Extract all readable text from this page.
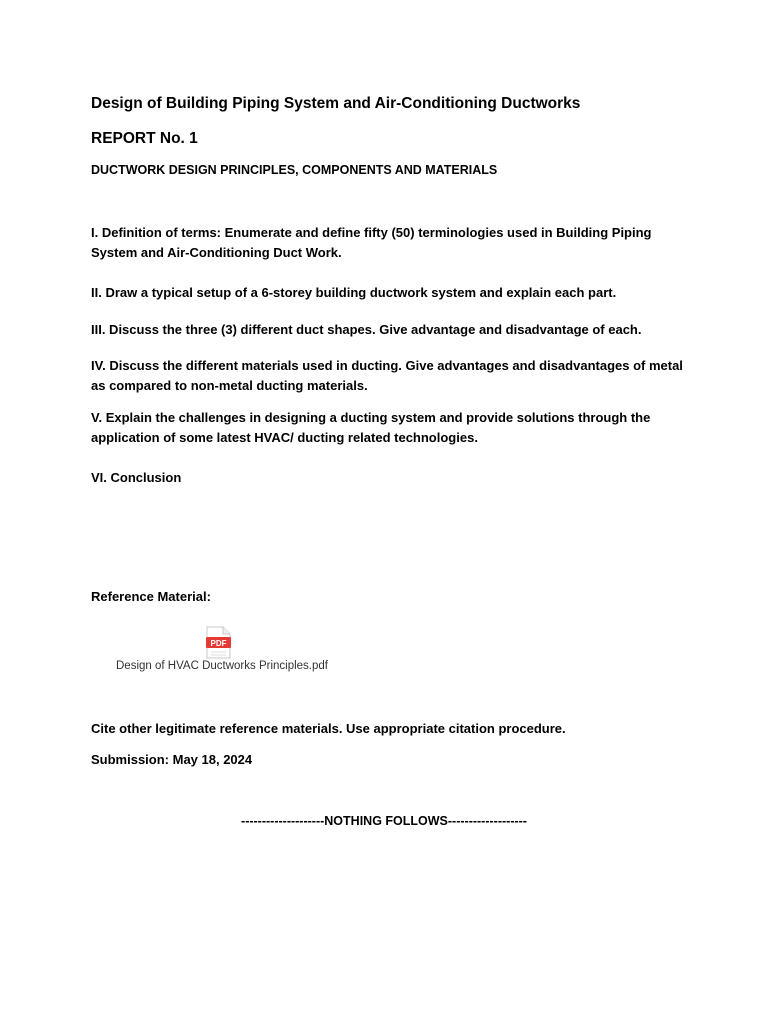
Design of Building Piping System and Air-Conditioning Ductworks

REPORT No. 1

DUCTWORK DESIGN PRINCIPLES, COMPONENTS AND MATERIALS

I. Definition of terms: Enumerate and define fifty (50) terminologies used in Building Piping System and Air-Conditioning Duct Work.

II. Draw a typical setup of a 6-storey building ductwork system and explain each part.

III. Discuss the three (3) different duct shapes. Give advantage and disadvantage of each.

IV. Discuss the different materials used in ducting. Give advantages and disadvantages of metal as compared to non-metal ducting materials.

V. Explain the challenges in designing a ducting system and provide solutions through the application of some latest HVAC/ ducting related technologies.

VI. Conclusion

Reference Material:

PDF

Design of HVAC Ductworks Principles.pdf

Cite other legitimate reference materials. Use appropriate citation procedure.

Submission: May 18, 2024

--------------------NOTHING FOLLOWS-------------------
